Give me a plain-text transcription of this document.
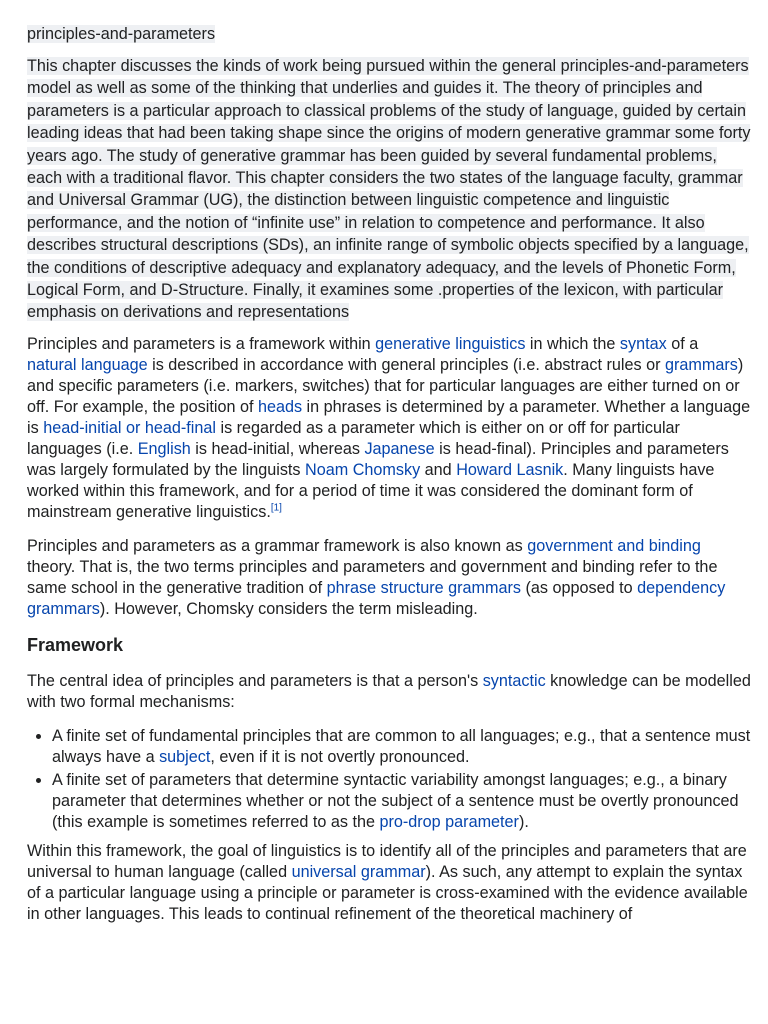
principles-and-parameters
This chapter discusses the kinds of work being pursued within the general principles-and-parameters model as well as some of the thinking that underlies and guides it. The theory of principles and parameters is a particular approach to classical problems of the study of language, guided by certain leading ideas that had been taking shape since the origins of modern generative grammar some forty years ago. The study of generative grammar has been guided by several fundamental problems, each with a traditional flavor. This chapter considers the two states of the language faculty, grammar and Universal Grammar (UG), the distinction between linguistic competence and linguistic performance, and the notion of “infinite use” in relation to competence and performance. It also describes structural descriptions (SDs), an infinite range of symbolic objects specified by a language, the conditions of descriptive adequacy and explanatory adequacy, and the levels of Phonetic Form, Logical Form, and D-Structure. Finally, it examines some .properties of the lexicon, with particular emphasis on derivations and representations

Principles and parameters is a framework within generative linguistics in which the syntax of a natural language is described in accordance with general principles (i.e. abstract rules or grammars) and specific parameters (i.e. markers, switches) that for particular languages are either turned on or off. For example, the position of heads in phrases is determined by a parameter. Whether a language is head-initial or head-final is regarded as a parameter which is either on or off for particular languages (i.e. English is head-initial, whereas Japanese is head-final). Principles and parameters was largely formulated by the linguists Noam Chomsky and Howard Lasnik. Many linguists have worked within this framework, and for a period of time it was considered the dominant form of mainstream generative linguistics.[1]

Principles and parameters as a grammar framework is also known as government and binding theory. That is, the two terms principles and parameters and government and binding refer to the same school in the generative tradition of phrase structure grammars (as opposed to dependency grammars). However, Chomsky considers the term misleading.

Framework

The central idea of principles and parameters is that a person's syntactic knowledge can be modelled with two formal mechanisms:

• A finite set of fundamental principles that are common to all languages; e.g., that a sentence must always have a subject, even if it is not overtly pronounced.
• A finite set of parameters that determine syntactic variability amongst languages; e.g., a binary parameter that determines whether or not the subject of a sentence must be overtly pronounced (this example is sometimes referred to as the pro-drop parameter).

Within this framework, the goal of linguistics is to identify all of the principles and parameters that are universal to human language (called universal grammar). As such, any attempt to explain the syntax of a particular language using a principle or parameter is cross-examined with the evidence available in other languages. This leads to continual refinement of the theoretical machinery of
